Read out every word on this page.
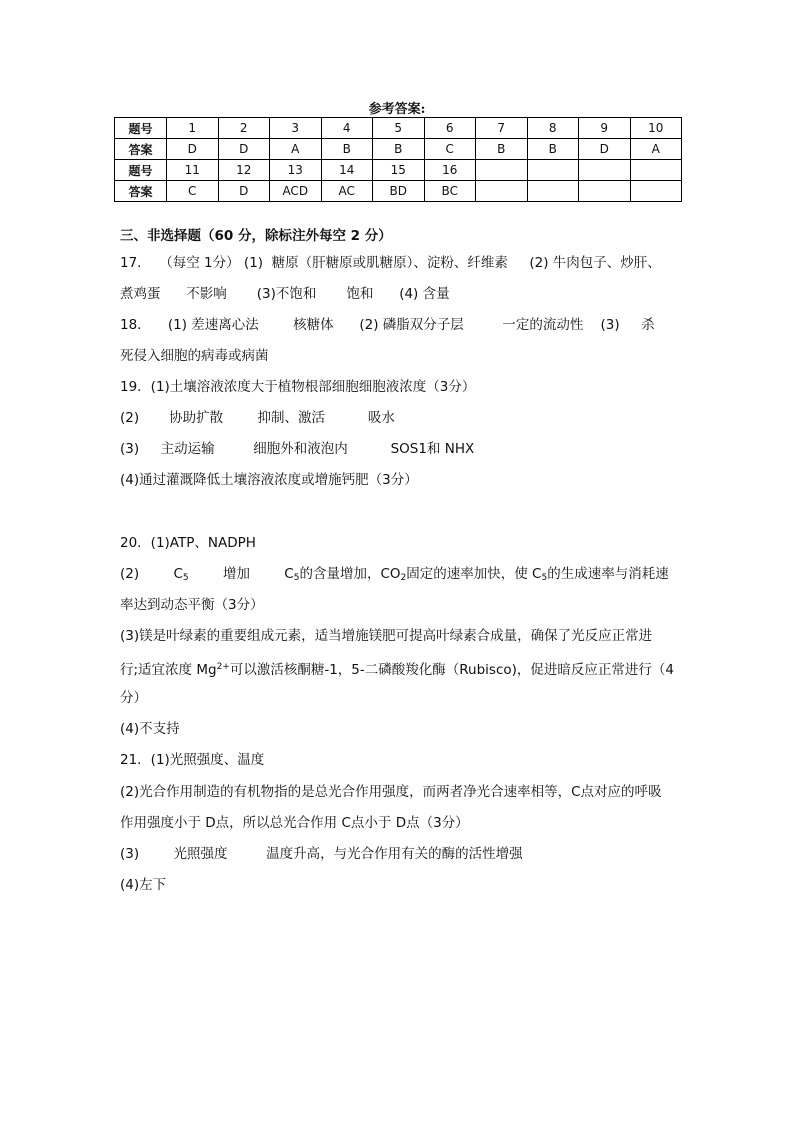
参考答案:
题号	1	2	3	4	5	6	7	8	9	10
答案	D	D	A	B	B	C	B	B	D	A
题号	11	12	13	14	15	16				
答案	C	D	ACD	AC	BD	BC				
三、非选择题（60 分，除标注外每空 2 分）
17．  （每空 1分） (1)  糖原（肝糖原或肌糖原）、淀粉、纤维素     (2) 牛肉包子、炒肝、
煮鸡蛋      不影响       (3)不饱和       饱和      (4) 含量
18．    (1) 差速离心法        核糖体      (2) 磷脂双分子层         一定的流动性    (3)     杀
死侵入细胞的病毒或病菌
19．(1)土壤溶液浓度大于植物根部细胞细胞液浓度（3分）
(2)       协助扩散        抑制、激活          吸水
(3)     主动运输         细胞外和液泡内          SOS1和 NHX
(4)通过灌溉降低土壤溶液浓度或增施钙肥（3分）
20．(1)ATP、NADPH
(2)        $C_5$        增加        $C_5$的含量增加，$CO_2$固定的速率加快，使 $C_5$的生成速率与消耗速
率达到动态平衡（3分）
(3)镁是叶绿素的重要组成元素，适当增施镁肥可提高叶绿素合成量，确保了光反应正常进
行;适宜浓度 $Mg^{2+}$可以激活核酮糖-1，5-二磷酸羧化酶（Rubisco)，促进暗反应正常进行（4
分）
(4)不支持
21．(1)光照强度、温度
(2)光合作用制造的有机物指的是总光合作用强度，而两者净光合速率相等，C点对应的呼吸
作用强度小于 D点，所以总光合作用 C点小于 D点（3分）
(3)        光照强度         温度升高，与光合作用有关的酶的活性增强
(4)左下
